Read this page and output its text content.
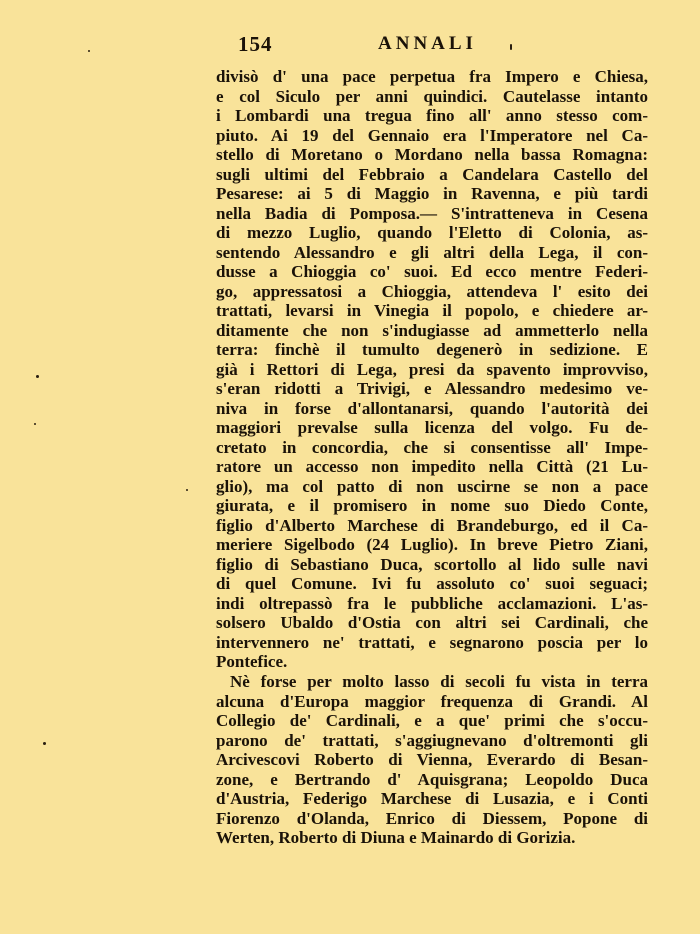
154	ANNALI
divisò d' una pace perpetua fra Impero e Chiesa,
e col Siculo per anni quindici. Cautelasse intanto
i Lombardi una tregua fino all' anno stesso com-
piuto. Ai 19 del Gennaio era l'Imperatore nel Ca-
stello di Moretano o Mordano nella bassa Romagna:
sugli ultimi del Febbraio a Candelara Castello del
Pesarese: ai 5 di Maggio in Ravenna, e più tardi
nella Badia di Pomposa.— S'intratteneva in Cesena
di mezzo Luglio, quando l'Eletto di Colonia, as-
sentendo Alessandro e gli altri della Lega, il con-
dusse a Chioggia co' suoi. Ed ecco mentre Federi-
go, appressatosi a Chioggia, attendeva l' esito dei
trattati, levarsi in Vinegia il popolo, e chiedere ar-
ditamente che non s'indugiasse ad ammetterlo nella
terra: finchè il tumulto degenerò in sedizione. E
già i Rettori di Lega, presi da spavento improvviso,
s'eran ridotti a Trivigi, e Alessandro medesimo ve-
niva in forse d'allontanarsi, quando l'autorità dei
maggiori prevalse sulla licenza del volgo. Fu de-
cretato in concordia, che si consentisse all' Impe-
ratore un accesso non impedito nella Città (21 Lu-
glio), ma col patto di non uscirne se non a pace
giurata, e il promisero in nome suo Diedo Conte,
figlio d'Alberto Marchese di Brandeburgo, ed il Ca-
meriere Sigelbodo (24 Luglio). In breve Pietro Ziani,
figlio di Sebastiano Duca, scortollo al lido sulle navi
di quel Comune. Ivi fu assoluto co' suoi seguaci;
indi oltrepassò fra le pubbliche acclamazioni. L'as-
solsero Ubaldo d'Ostia con altri sei Cardinali, che
intervennero ne' trattati, e segnarono poscia per lo
Pontefice.
Nè forse per molto lasso di secoli fu vista in terra
alcuna d'Europa maggior frequenza di Grandi. Al
Collegio de' Cardinali, e a que' primi che s'occu-
parono de' trattati, s'aggiugnevano d'oltremonti gli
Arcivescovi Roberto di Vienna, Everardo di Besan-
zone, e Bertrando d' Aquisgrana; Leopoldo Duca
d'Austria, Federigo Marchese di Lusazia, e i Conti
Fiorenzo d'Olanda, Enrico di Diessem, Popone di
Werten, Roberto di Diuna e Mainardo di Gorizia.
